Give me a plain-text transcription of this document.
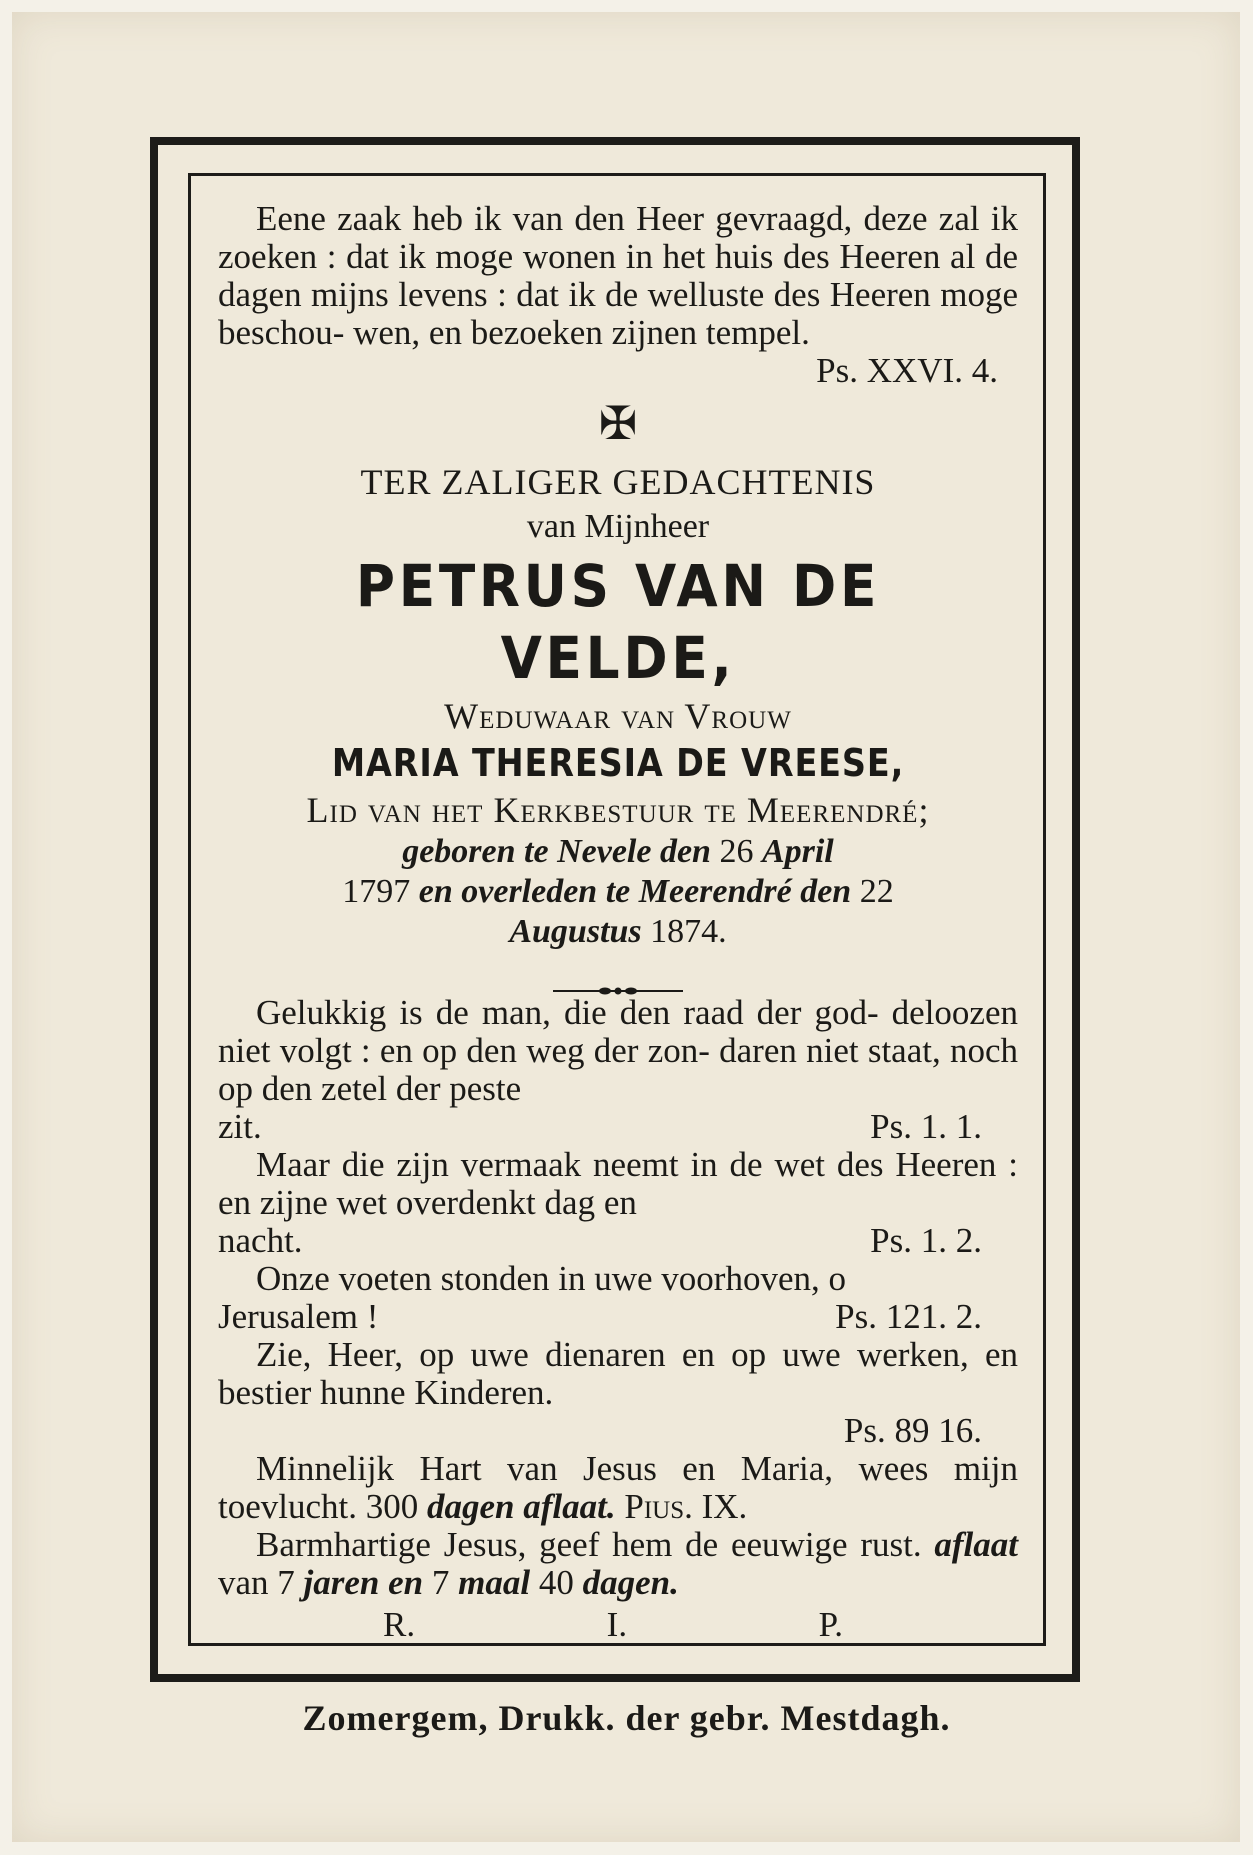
Eene zaak heb ik van den Heer gevraagd, deze zal ik zoeken : dat ik moge wonen in het huis des Heeren al de dagen mijns levens : dat ik de welluste des Heeren moge beschou- wen, en bezoeken zijnen tempel.

Ps. XXVI. 4.

✠

TER ZALIGER GEDACHTENIS

van Mijnheer

PETRUS VAN DE VELDE,

Weduwaar van Vrouw

MARIA THERESIA DE VREESE,

Lid van het Kerkbestuur te Meerendré;

geboren te Nevele den 26 April

1797 en overleden te Meerendré den 22

Augustus 1874.

Gelukkig is de man, die den raad der god- deloozen niet volgt : en op den weg der zon- daren niet staat, noch op den zetel der peste

zit.	Ps. 1. 1.

Maar die zijn vermaak neemt in de wet des Heeren : en zijne wet overdenkt dag en

nacht.	Ps. 1. 2.

Onze voeten stonden in uwe voorhoven, o

Jerusalem !	Ps. 121. 2.

Zie, Heer, op uwe dienaren en op uwe werken, en bestier hunne Kinderen.

Ps. 89 16.

Minnelijk Hart van Jesus en Maria, wees mijn toevlucht. 300 dagen aflaat. Pius. IX.

Barmhartige Jesus, geef hem de eeuwige rust. aflaat van 7 jaren en 7 maal 40 dagen.

R.	I.	P.
Zomergem, Drukk. der gebr. Mestdagh.
